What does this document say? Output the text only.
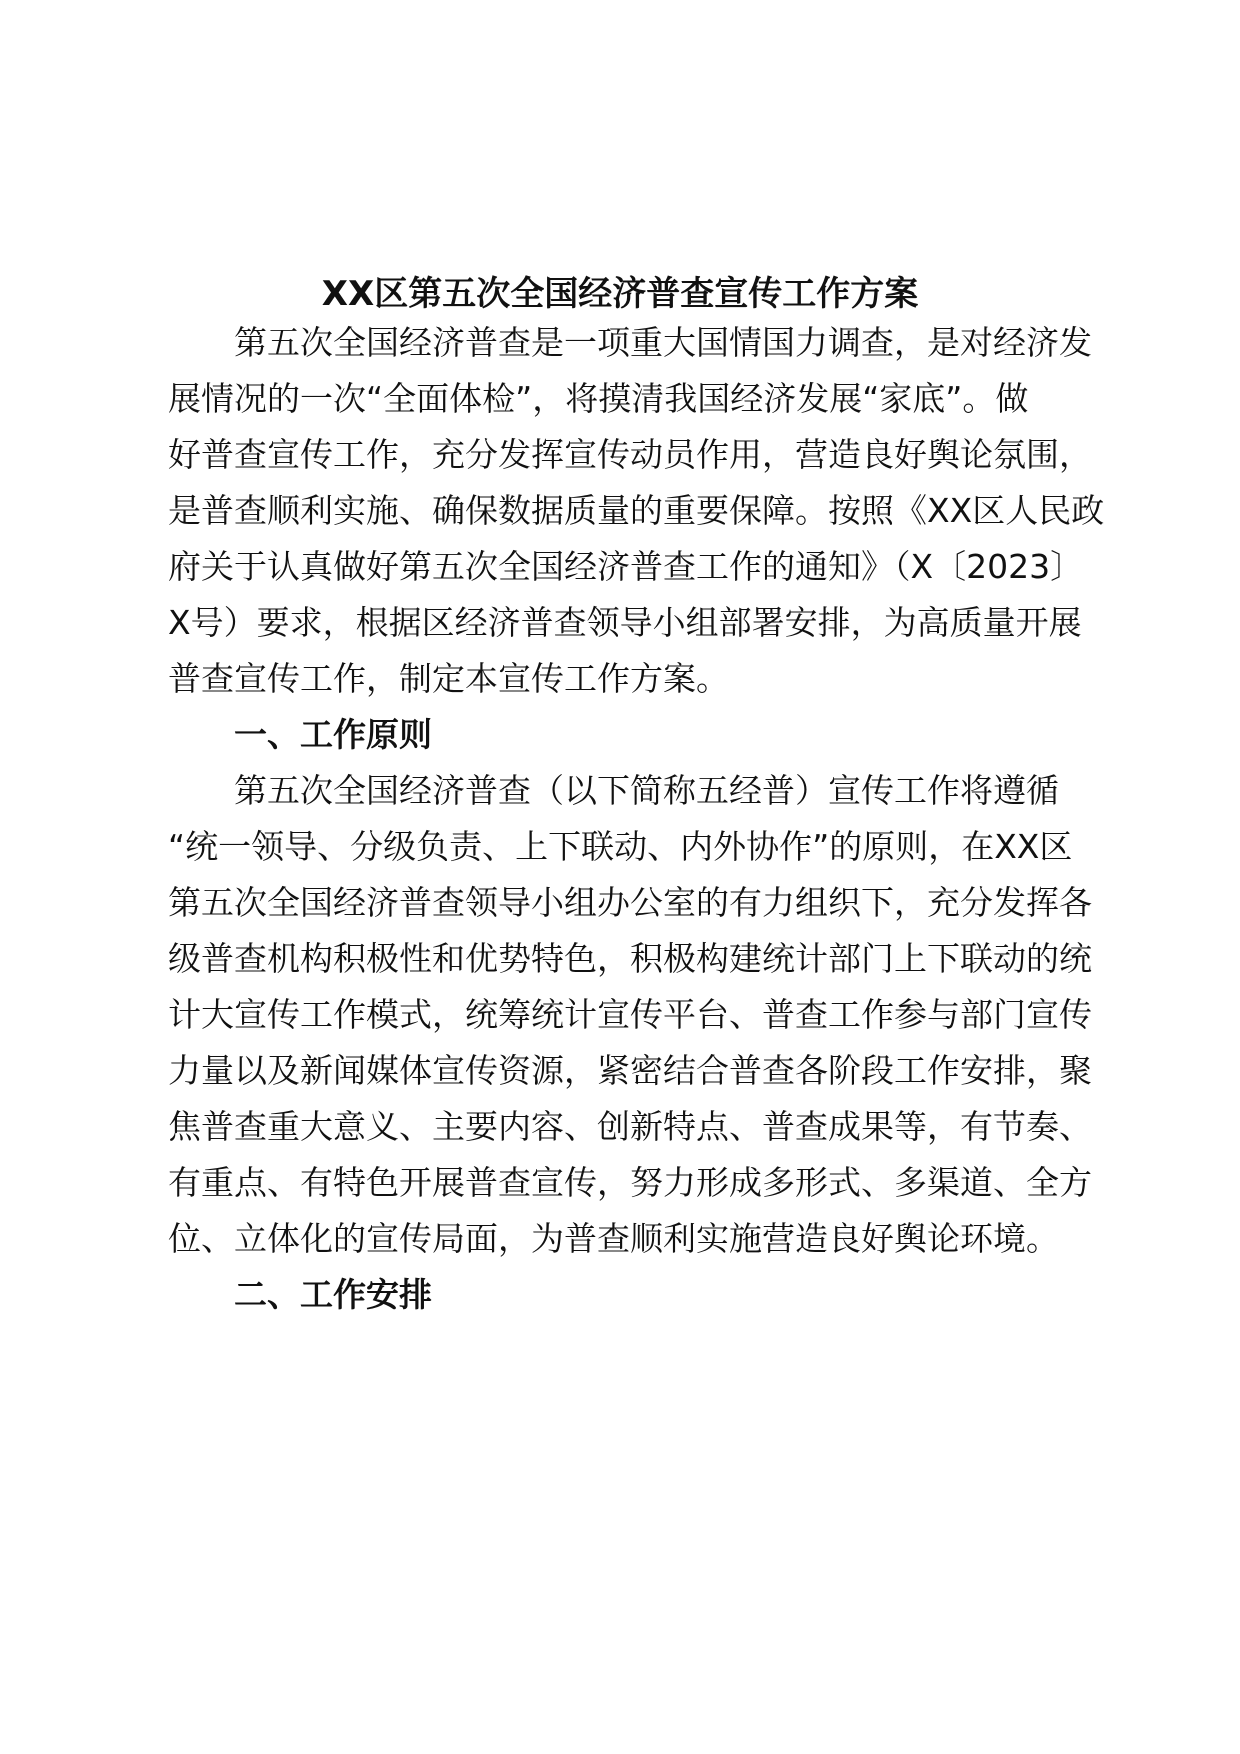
XX区第五次全国经济普查宣传工作方案

第五次全国经济普查是一项重大国情国力调查，是对经济发

展情况的一次“全面体检”，将摸清我国经济发展“家底”。做

好普查宣传工作，充分发挥宣传动员作用，营造良好舆论氛围，

是普查顺利实施、确保数据质量的重要保障。按照《XX区人民政

府关于认真做好第五次全国经济普查工作的通知》（X〔2023〕

X号）要求，根据区经济普查领导小组部署安排，为高质量开展

普查宣传工作，制定本宣传工作方案。

一、工作原则

第五次全国经济普查（以下简称五经普）宣传工作将遵循

“统一领导、分级负责、上下联动、内外协作”的原则，在XX区

第五次全国经济普查领导小组办公室的有力组织下，充分发挥各

级普查机构积极性和优势特色，积极构建统计部门上下联动的统

计大宣传工作模式，统筹统计宣传平台、普查工作参与部门宣传

力量以及新闻媒体宣传资源，紧密结合普查各阶段工作安排，聚

焦普查重大意义、主要内容、创新特点、普查成果等，有节奏、

有重点、有特色开展普查宣传，努力形成多形式、多渠道、全方

位、立体化的宣传局面，为普查顺利实施营造良好舆论环境。

二、工作安排
